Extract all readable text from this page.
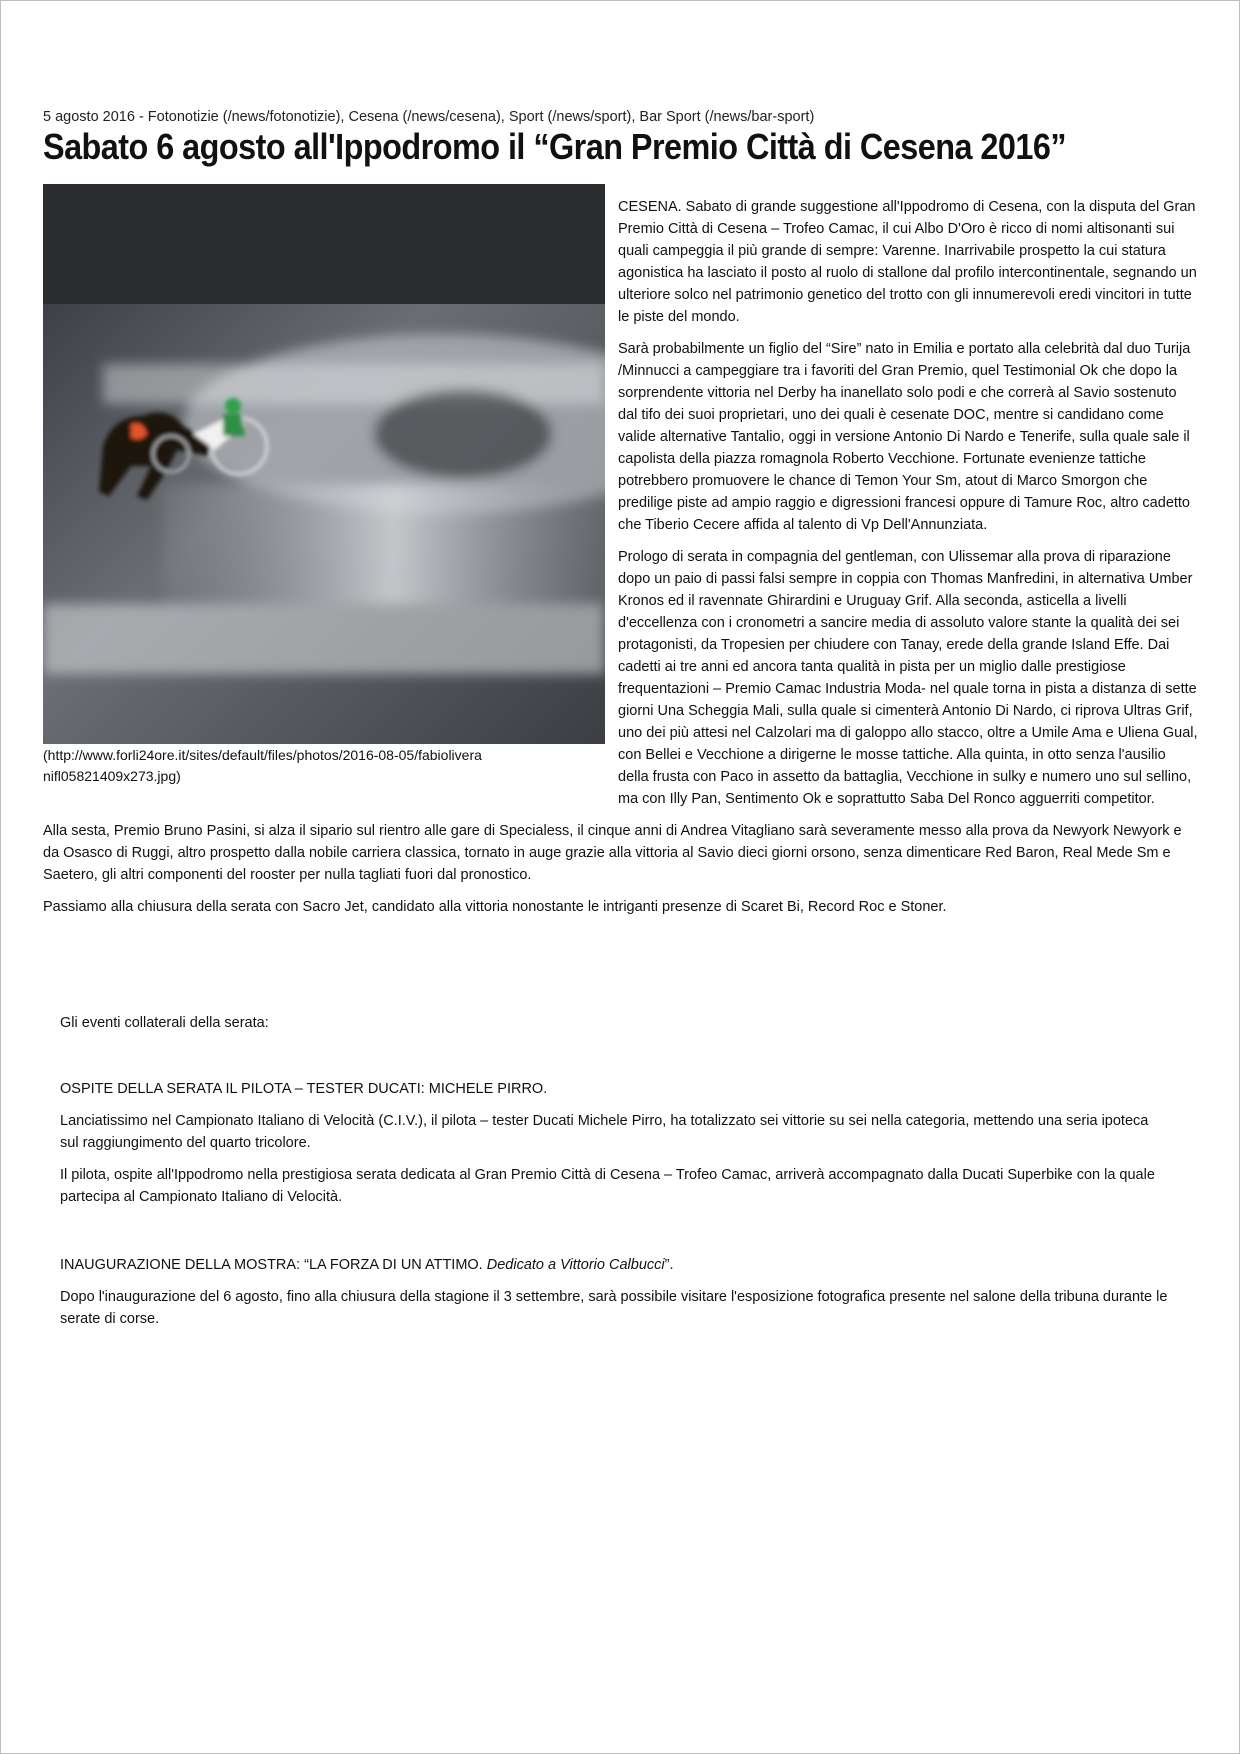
5 agosto 2016 - Fotonotizie (/news/fotonotizie), Cesena (/news/cesena), Sport (/news/sport), Bar Sport (/news/bar-sport)
Sabato 6 agosto all'Ippodromo il “Gran Premio Città di Cesena 2016”
(http://www.forli24ore.it/sites/default/files/photos/2016-08-05/fabioliveranifl05821409x273.jpg)

CESENA. Sabato di grande suggestione all'Ippodromo di Cesena, con la disputa del Gran Premio Città di Cesena – Trofeo Camac, il cui Albo D'Oro è ricco di nomi altisonanti sui quali campeggia il più grande di sempre: Varenne. Inarrivabile prospetto la cui statura agonistica ha lasciato il posto al ruolo di stallone dal profilo intercontinentale, segnando un ulteriore solco nel patrimonio genetico del trotto con gli innumerevoli eredi vincitori in tutte le piste del mondo.

Sarà probabilmente un figlio del “Sire” nato in Emilia e portato alla celebrità dal duo Turija /Minnucci a campeggiare tra i favoriti del Gran Premio, quel Testimonial Ok che dopo la sorprendente vittoria nel Derby ha inanellato solo podi e che correrà al Savio sostenuto dal tifo dei suoi proprietari, uno dei quali è cesenate DOC, mentre si candidano come valide alternative Tantalio, oggi in versione Antonio Di Nardo e Tenerife, sulla quale sale il capolista della piazza romagnola Roberto Vecchione. Fortunate evenienze tattiche potrebbero promuovere le chance di Temon Your Sm, atout di Marco Smorgon che predilige piste ad ampio raggio e digressioni francesi oppure di Tamure Roc, altro cadetto che Tiberio Cecere affida al talento di Vp Dell'Annunziata.

Prologo di serata in compagnia del gentleman, con Ulissemar alla prova di riparazione dopo un paio di passi falsi sempre in coppia con Thomas Manfredini, in alternativa Umber Kronos ed il ravennate Ghirardini e Uruguay Grif. Alla seconda, asticella a livelli d'eccellenza con i cronometri a sancire media di assoluto valore stante la qualità dei sei protagonisti, da Tropesien per chiudere con Tanay, erede della grande Island Effe. Dai cadetti ai tre anni ed ancora tanta qualità in pista per un miglio dalle prestigiose frequentazioni – Premio Camac Industria Moda- nel quale torna in pista a distanza di sette giorni Una Scheggia Mali, sulla quale si cimenterà Antonio Di Nardo, ci riprova Ultras Grif, uno dei più attesi nel Calzolari ma di galoppo allo stacco, oltre a Umile Ama e Uliena Gual, con Bellei e Vecchione a dirigerne le mosse tattiche. Alla quinta, in otto senza l'ausilio della frusta con Paco in assetto da battaglia, Vecchione in sulky e numero uno sul sellino, ma con Illy Pan, Sentimento Ok e soprattutto Saba Del Ronco agguerriti competitor.

Alla sesta, Premio Bruno Pasini, si alza il sipario sul rientro alle gare di Specialess, il cinque anni di Andrea Vitagliano sarà severamente messo alla prova da Newyork Newyork e da Osasco di Ruggi, altro prospetto dalla nobile carriera classica, tornato in auge grazie alla vittoria al Savio dieci giorni orsono, senza dimenticare Red Baron, Real Mede Sm e Saetero, gli altri componenti del rooster per nulla tagliati fuori dal pronostico.

Passiamo alla chiusura della serata con Sacro Jet, candidato alla vittoria nonostante le intriganti presenze di Scaret Bi, Record Roc e Stoner.

Gli eventi collaterali della serata:

OSPITE DELLA SERATA IL PILOTA – TESTER DUCATI: MICHELE PIRRO.

Lanciatissimo nel Campionato Italiano di Velocità (C.I.V.), il pilota – tester Ducati Michele Pirro, ha totalizzato sei vittorie su sei nella categoria, mettendo una seria ipoteca sul raggiungimento del quarto tricolore.

Il pilota, ospite all'Ippodromo nella prestigiosa serata dedicata al Gran Premio Città di Cesena – Trofeo Camac, arriverà accompagnato dalla Ducati Superbike con la quale partecipa al Campionato Italiano di Velocità.

INAUGURAZIONE DELLA MOSTRA: “LA FORZA DI UN ATTIMO. Dedicato a Vittorio Calbucci”.

Dopo l'inaugurazione del 6 agosto, fino alla chiusura della stagione il 3 settembre, sarà possibile visitare l'esposizione fotografica presente nel salone della tribuna durante le serate di corse.
